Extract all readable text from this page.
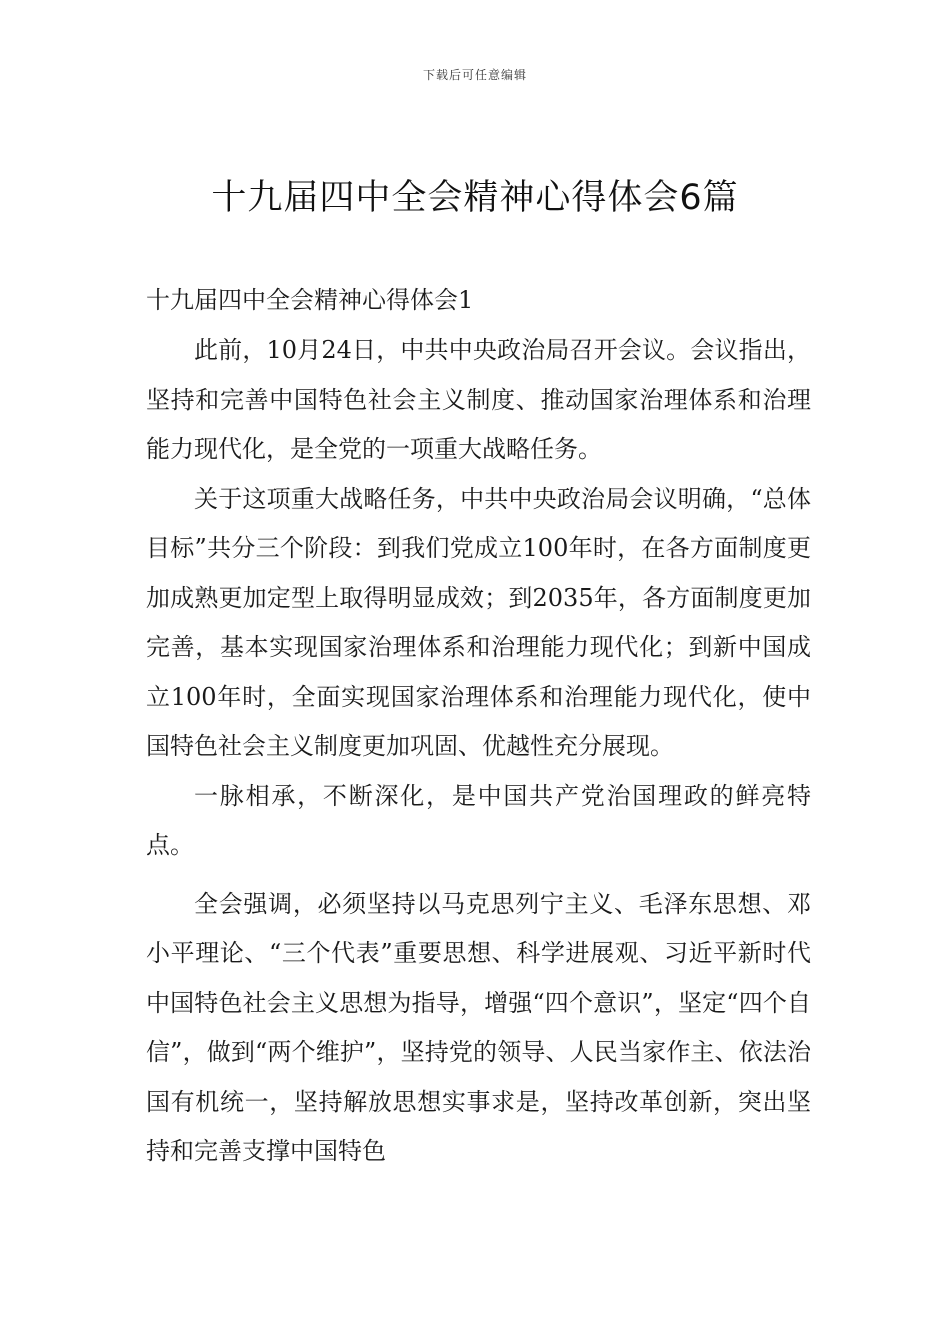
下载后可任意编辑
十九届四中全会精神心得体会6篇

十九届四中全会精神心得体会1

此前，10月24日，中共中央政治局召开会议。会议指出，坚持和完善中国特色社会主义制度、推动国家治理体系和治理能力现代化，是全党的一项重大战略任务。

关于这项重大战略任务，中共中央政治局会议明确，“总体目标”共分三个阶段：到我们党成立100年时，在各方面制度更加成熟更加定型上取得明显成效；到2035年，各方面制度更加完善，基本实现国家治理体系和治理能力现代化；到新中国成立100年时，全面实现国家治理体系和治理能力现代化，使中国特色社会主义制度更加巩固、优越性充分展现。

一脉相承，不断深化，是中国共产党治国理政的鲜亮特点。

全会强调，必须坚持以马克思列宁主义、毛泽东思想、邓小平理论、“三个代表”重要思想、科学进展观、习近平新时代中国特色社会主义思想为指导，增强“四个意识”，坚定“四个自信”，做到“两个维护”，坚持党的领导、人民当家作主、依法治国有机统一，坚持解放思想实事求是，坚持改革创新，突出坚持和完善支撑中国特色
